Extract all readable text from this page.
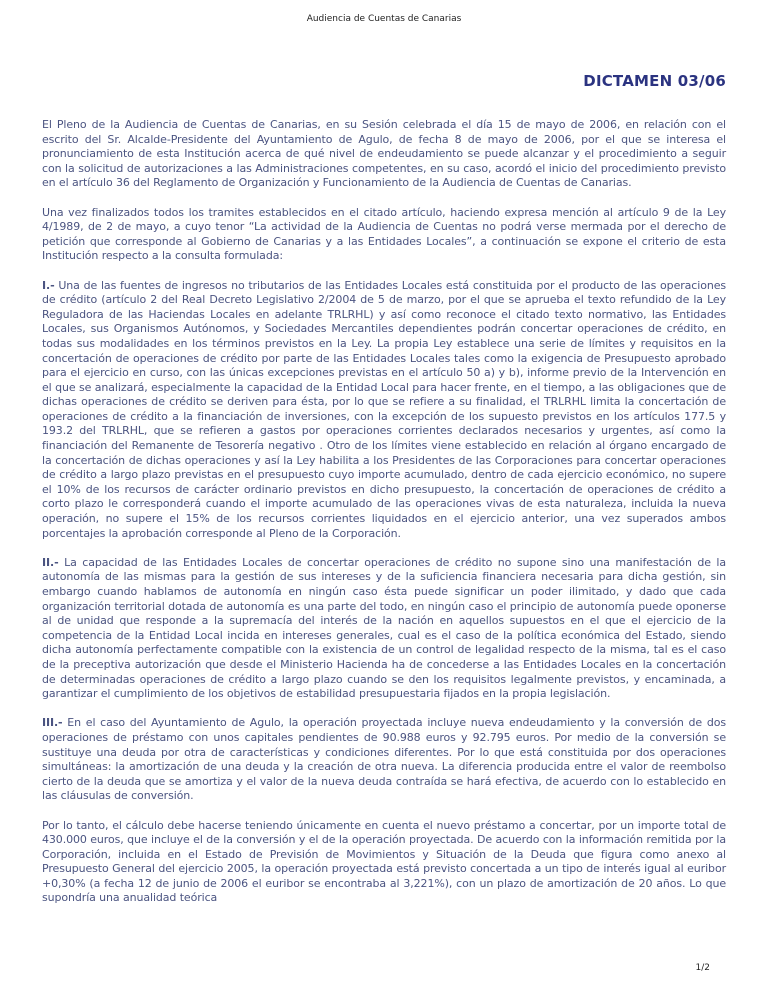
Audiencia de Cuentas de Canarias
DICTAMEN 03/06

El Pleno de la Audiencia de Cuentas de Canarias, en su Sesión celebrada el día 15 de mayo de 2006, en relación con el escrito del Sr. Alcalde-Presidente del Ayuntamiento de Agulo, de fecha 8 de mayo de 2006, por el que se interesa el pronunciamiento de esta Institución acerca de qué nivel de endeudamiento se puede alcanzar y el procedimiento a seguir con la solicitud de autorizaciones a las Administraciones competentes, en su caso, acordó el inicio del procedimiento previsto en el artículo 36 del Reglamento de Organización y Funcionamiento de la Audiencia de Cuentas de Canarias.

Una vez finalizados todos los tramites establecidos en el citado artículo, haciendo expresa mención al artículo 9 de la Ley 4/1989, de 2 de mayo, a cuyo tenor “La actividad de la Audiencia de Cuentas no podrá verse mermada por el derecho de petición que corresponde al Gobierno de Canarias y a las Entidades Locales”, a continuación se expone el criterio de esta Institución respecto a la consulta formulada:

I.- Una de las fuentes de ingresos no tributarios de las Entidades Locales está constituida por el producto de las operaciones de crédito (artículo 2 del Real Decreto Legislativo 2/2004 de 5 de marzo, por el que se aprueba el texto refundido de la Ley Reguladora de las Haciendas Locales en adelante TRLRHL) y así como reconoce el citado texto normativo, las Entidades Locales, sus Organismos Autónomos, y Sociedades Mercantiles dependientes podrán concertar operaciones de crédito, en todas sus modalidades en los términos previstos en la Ley. La propia Ley establece una serie de límites y requisitos en la concertación de operaciones de crédito por parte de las Entidades Locales tales como la exigencia de Presupuesto aprobado para el ejercicio en curso, con las únicas excepciones previstas en el artículo 50 a) y b), informe previo de la Intervención en el que se analizará, especialmente la capacidad de la Entidad Local para hacer frente, en el tiempo, a las obligaciones que de dichas operaciones de crédito se deriven para ésta, por lo que se refiere a su finalidad, el TRLRHL limita la concertación de operaciones de crédito a la financiación de inversiones, con la excepción de los supuesto previstos en los artículos 177.5 y 193.2 del TRLRHL, que se refieren a gastos por operaciones corrientes declarados necesarios y urgentes, así como la financiación del Remanente de Tesorería negativo . Otro de los límites viene establecido en relación al órgano encargado de la concertación de dichas operaciones y así la Ley habilita a los Presidentes de las Corporaciones para concertar operaciones de crédito a largo plazo previstas en el presupuesto cuyo importe acumulado, dentro de cada ejercicio económico, no supere el 10% de los recursos de carácter ordinario previstos en dicho presupuesto, la concertación de operaciones de crédito a corto plazo le corresponderá cuando el importe acumulado de las operaciones vivas de esta naturaleza, incluida la nueva operación, no supere el 15% de los recursos corrientes liquidados en el ejercicio anterior, una vez superados ambos porcentajes la aprobación corresponde al Pleno de la Corporación.

II.- La capacidad de las Entidades Locales de concertar operaciones de crédito no supone sino una manifestación de la autonomía de las mismas para la gestión de sus intereses y de la suficiencia financiera necesaria para dicha gestión, sin embargo cuando hablamos de autonomía en ningún caso ésta puede significar un poder ilimitado, y dado que cada organización territorial dotada de autonomía es una parte del todo, en ningún caso el principio de autonomía puede oponerse al de unidad que responde a la supremacía del interés de la nación en aquellos supuestos en el que el ejercicio de la competencia de la Entidad Local incida en intereses generales, cual es el caso de la política económica del Estado, siendo dicha autonomía perfectamente compatible con la existencia de un control de legalidad respecto de la misma, tal es el caso de la preceptiva autorización que desde el Ministerio Hacienda ha de concederse a las Entidades Locales en la concertación de determinadas operaciones de crédito a largo plazo cuando se den los requisitos legalmente previstos, y encaminada, a garantizar el cumplimiento de los objetivos de estabilidad presupuestaria fijados en la propia legislación.

III.- En el caso del Ayuntamiento de Agulo, la operación proyectada incluye nueva endeudamiento y la conversión de dos operaciones de préstamo con unos capitales pendientes de 90.988 euros y 92.795 euros. Por medio de la conversión se sustituye una deuda por otra de características y condiciones diferentes. Por lo que está constituida por dos operaciones simultáneas: la amortización de una deuda y la creación de otra nueva. La diferencia producida entre el valor de reembolso cierto de la deuda que se amortiza y el valor de la nueva deuda contraída se hará efectiva, de acuerdo con lo establecido en las cláusulas de conversión.

Por lo tanto, el cálculo debe hacerse teniendo únicamente en cuenta el nuevo préstamo a concertar, por un importe total de 430.000 euros, que incluye el de la conversión y el de la operación proyectada. De acuerdo con la información remitida por la Corporación, incluida en el Estado de Previsión de Movimientos y Situación de la Deuda que figura como anexo al Presupuesto General del ejercicio 2005, la operación proyectada está previsto concertada a un tipo de interés igual al euribor +0,30% (a fecha 12 de junio de 2006 el euribor se encontraba al 3,221%), con un plazo de amortización de 20 años. Lo que supondría una anualidad teórica

1/2
